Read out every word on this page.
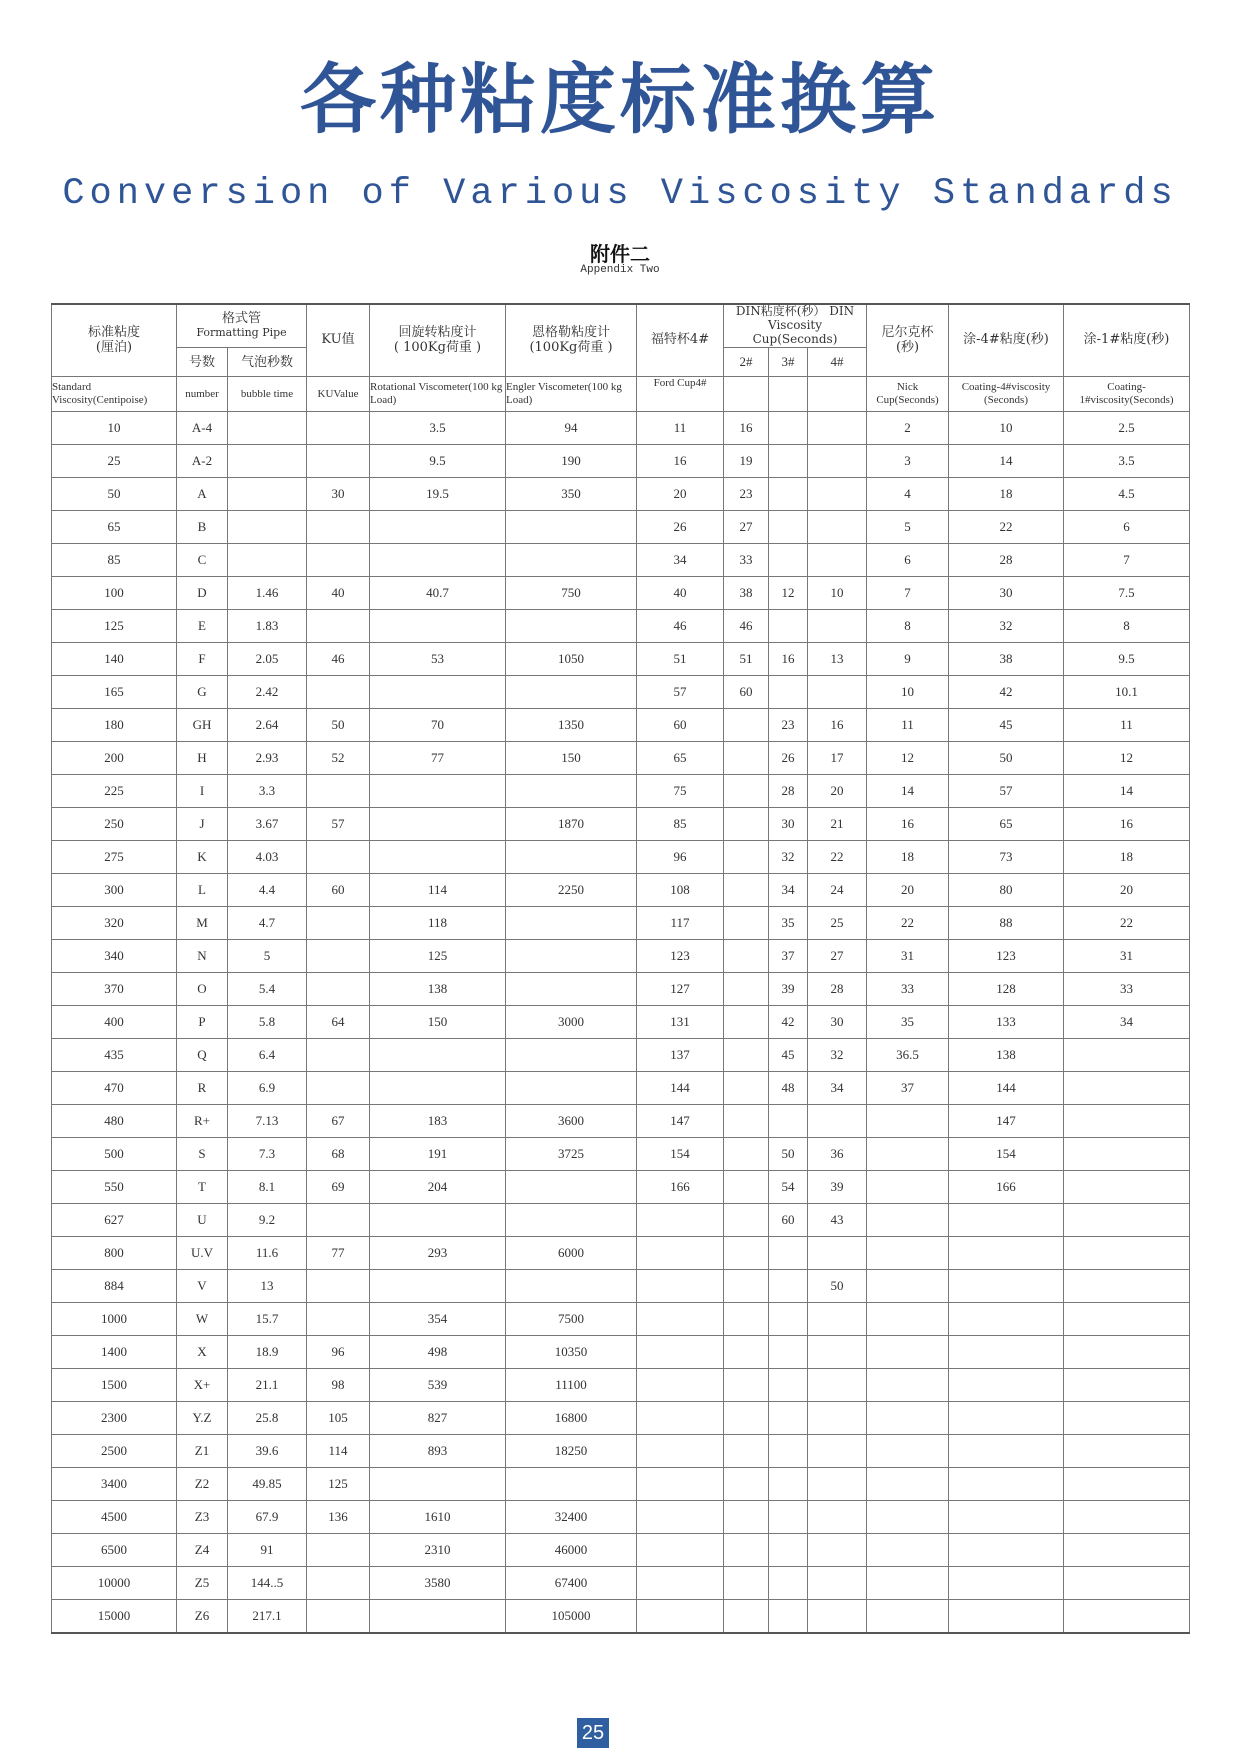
各种粘度标准换算
Conversion of Various Viscosity Standards
附件二
Appendix Two
标准粘度
(厘泊)	格式管
Formatting Pipe		KU值	回旋转粘度计
( 100Kg荷重 )	恩格勒粘度计
(100Kg荷重 )	福特杯4#	DIN粘度杯(秒） DIN Viscosity Cup(Seconds)			尼尔克杯
(秒)	涂-4#粘度(秒)	涂-1#粘度(秒)
	号数	气泡秒数					2#	3#	4#			
Standard Viscosity(Centipoise)	number	bubble time	KUValue	Rotational Viscometer(100 kg Load)	Engler Viscometer(100 kg Load)	Ford Cup4#				Nick Cup(Seconds)	Coating-4#viscosity (Seconds)	Coating-1#viscosity(Seconds)
10	A-4			3.5	94	11	16			2	10	2.5
25	A-2			9.5	190	16	19			3	14	3.5
50	A		30	19.5	350	20	23			4	18	4.5
65	B					26	27			5	22	6
85	C					34	33			6	28	7
100	D	1.46	40	40.7	750	40	38	12	10	7	30	7.5
125	E	1.83				46	46			8	32	8
140	F	2.05	46	53	1050	51	51	16	13	9	38	9.5
165	G	2.42				57	60			10	42	10.1
180	GH	2.64	50	70	1350	60		23	16	11	45	11
200	H	2.93	52	77	150	65		26	17	12	50	12
225	I	3.3				75		28	20	14	57	14
250	J	3.67	57		1870	85		30	21	16	65	16
275	K	4.03				96		32	22	18	73	18
300	L	4.4	60	114	2250	108		34	24	20	80	20
320	M	4.7		118		117		35	25	22	88	22
340	N	5		125		123		37	27	31	123	31
370	O	5.4		138		127		39	28	33	128	33
400	P	5.8	64	150	3000	131		42	30	35	133	34
435	Q	6.4				137		45	32	36.5	138	
470	R	6.9				144		48	34	37	144	
480	R+	7.13	67	183	3600	147					147	
500	S	7.3	68	191	3725	154		50	36		154	
550	T	8.1	69	204		166		54	39		166	
627	U	9.2						60	43			
800	U.V	11.6	77	293	6000							
884	V	13							50			
1000	W	15.7		354	7500							
1400	X	18.9	96	498	10350							
1500	X+	21.1	98	539	11100							
2300	Y.Z	25.8	105	827	16800							
2500	Z1	39.6	114	893	18250							
3400	Z2	49.85	125									
4500	Z3	67.9	136	1610	32400							
6500	Z4	91		2310	46000							
10000	Z5	144..5		3580	67400							
15000	Z6	217.1			105000							
25
